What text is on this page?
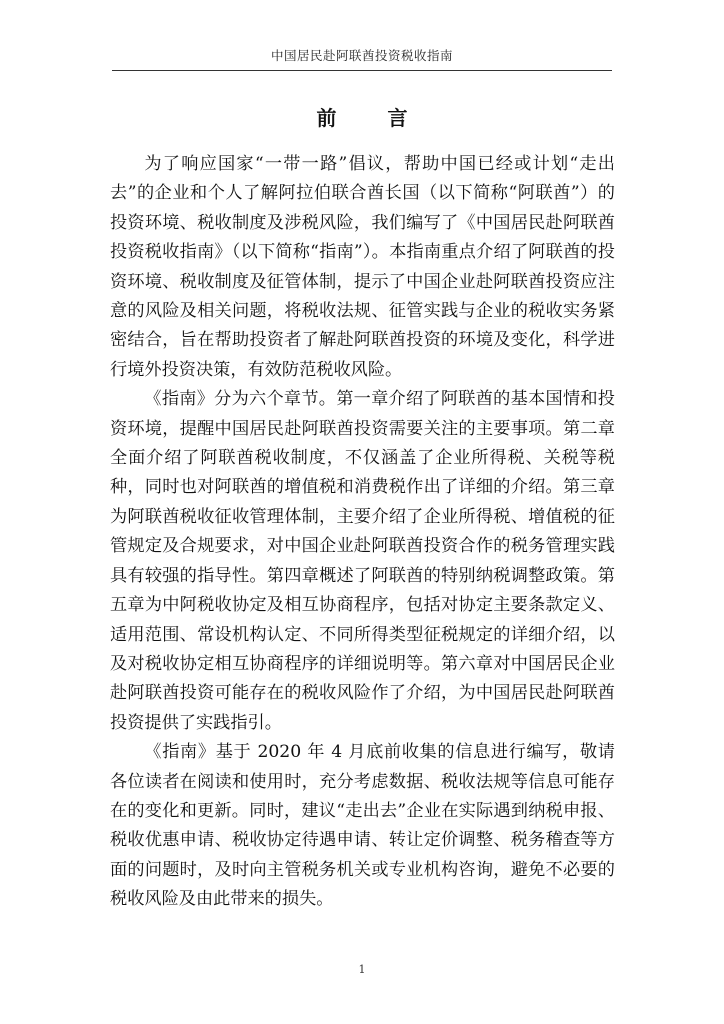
中国居民赴阿联酋投资税收指南
前 言

为了响应国家“一带一路”倡议，帮助中国已经或计划“走出去”的企业和个人了解阿拉伯联合酋长国（以下简称“阿联酋”）的投资环境、税收制度及涉税风险，我们编写了《中国居民赴阿联酋投资税收指南》（以下简称“指南”）。本指南重点介绍了阿联酋的投资环境、税收制度及征管体制，提示了中国企业赴阿联酋投资应注意的风险及相关问题，将税收法规、征管实践与企业的税收实务紧密结合，旨在帮助投资者了解赴阿联酋投资的环境及变化，科学进行境外投资决策，有效防范税收风险。

《指南》分为六个章节。第一章介绍了阿联酋的基本国情和投资环境，提醒中国居民赴阿联酋投资需要关注的主要事项。第二章全面介绍了阿联酋税收制度，不仅涵盖了企业所得税、关税等税种，同时也对阿联酋的增值税和消费税作出了详细的介绍。第三章为阿联酋税收征收管理体制，主要介绍了企业所得税、增值税的征管规定及合规要求，对中国企业赴阿联酋投资合作的税务管理实践具有较强的指导性。第四章概述了阿联酋的特别纳税调整政策。第五章为中阿税收协定及相互协商程序，包括对协定主要条款定义、适用范围、常设机构认定、不同所得类型征税规定的详细介绍，以及对税收协定相互协商程序的详细说明等。第六章对中国居民企业赴阿联酋投资可能存在的税收风险作了介绍，为中国居民赴阿联酋投资提供了实践指引。

《指南》基于 2020 年 4 月底前收集的信息进行编写，敬请各位读者在阅读和使用时，充分考虑数据、税收法规等信息可能存在的变化和更新。同时，建议“走出去”企业在实际遇到纳税申报、税收优惠申请、税收协定待遇申请、转让定价调整、税务稽查等方面的问题时，及时向主管税务机关或专业机构咨询，避免不必要的税收风险及由此带来的损失。

1
